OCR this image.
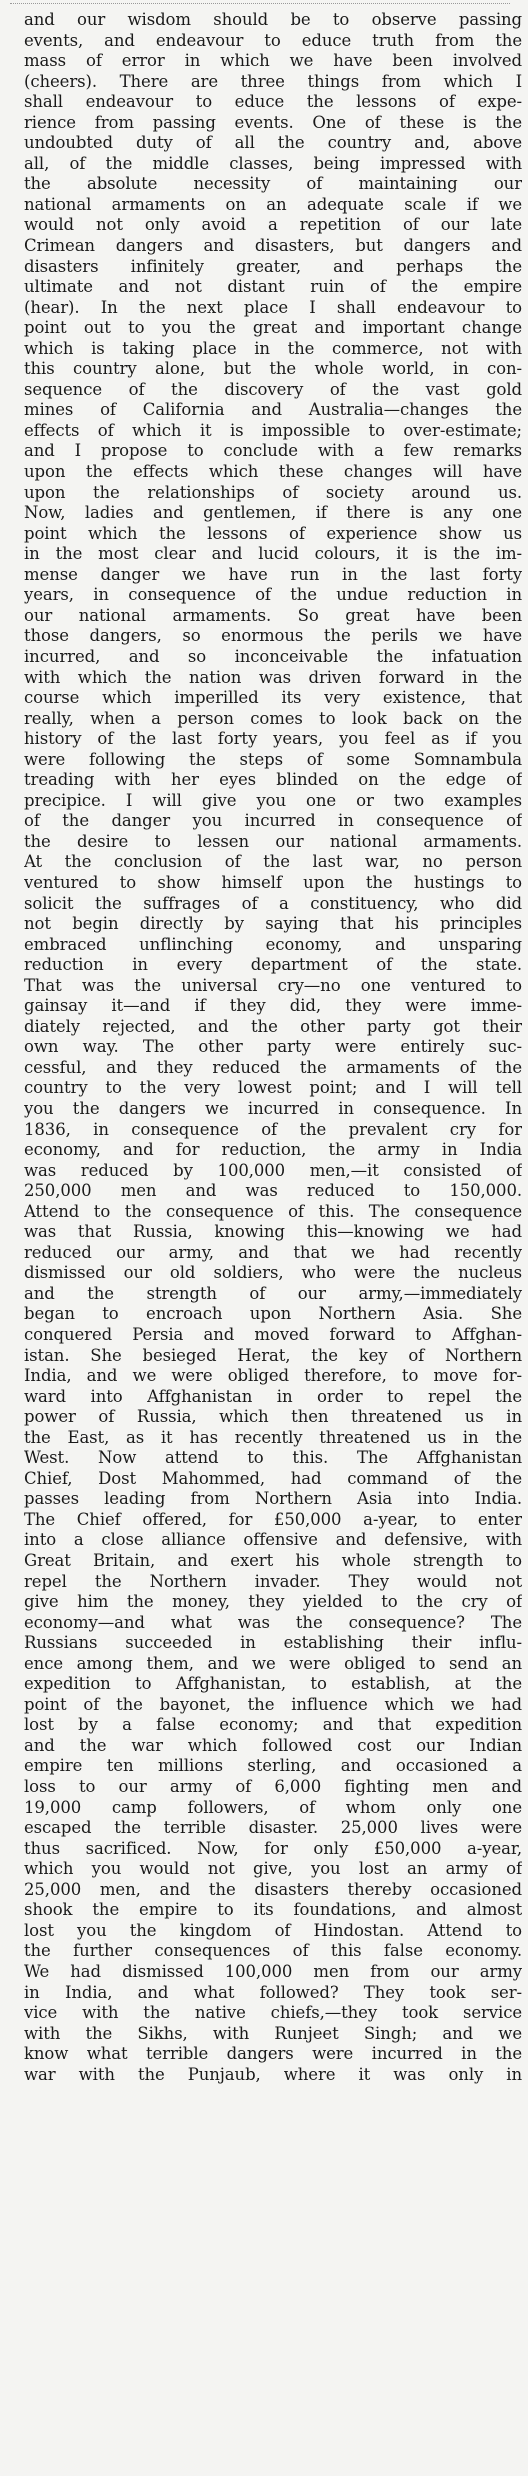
and our wisdom should be to observe passing
events, and endeavour to educe truth from the
mass of error in which we have been involved
(cheers). There are three things from which I
shall endeavour to educe the lessons of expe-
rience from passing events. One of these is the
undoubted duty of all the country and, above
all, of the middle classes, being impressed with
the absolute necessity of maintaining our
national armaments on an adequate scale if we
would not only avoid a repetition of our late
Crimean dangers and disasters, but dangers and
disasters infinitely greater, and perhaps the
ultimate and not distant ruin of the empire
(hear). In the next place I shall endeavour to
point out to you the great and important change
which is taking place in the commerce, not with
this country alone, but the whole world, in con-
sequence of the discovery of the vast gold
mines of California and Australia—changes the
effects of which it is impossible to over-estimate;
and I propose to conclude with a few remarks
upon the effects which these changes will have
upon the relationships of society around us.
Now, ladies and gentlemen, if there is any one
point which the lessons of experience show us
in the most clear and lucid colours, it is the im-
mense danger we have run in the last forty
years, in consequence of the undue reduction in
our national armaments. So great have been
those dangers, so enormous the perils we have
incurred, and so inconceivable the infatuation
with which the nation was driven forward in the
course which imperilled its very existence, that
really, when a person comes to look back on the
history of the last forty years, you feel as if you
were following the steps of some Somnambula
treading with her eyes blinded on the edge of
precipice. I will give you one or two examples
of the danger you incurred in consequence of
the desire to lessen our national armaments.
At the conclusion of the last war, no person
ventured to show himself upon the hustings to
solicit the suffrages of a constituency, who did
not begin directly by saying that his principles
embraced unflinching economy, and unsparing
reduction in every department of the state.
That was the universal cry—no one ventured to
gainsay it—and if they did, they were imme-
diately rejected, and the other party got their
own way. The other party were entirely suc-
cessful, and they reduced the armaments of the
country to the very lowest point; and I will tell
you the dangers we incurred in consequence. In
1836, in consequence of the prevalent cry for
economy, and for reduction, the army in India
was reduced by 100,000 men,—it consisted of
250,000 men and was reduced to 150,000.
Attend to the consequence of this. The consequence
was that Russia, knowing this—knowing we had
reduced our army, and that we had recently
dismissed our old soldiers, who were the nucleus
and the strength of our army,—immediately
began to encroach upon Northern Asia. She
conquered Persia and moved forward to Affghan-
istan. She besieged Herat, the key of Northern
India, and we were obliged therefore, to move for-
ward into Affghanistan in order to repel the
power of Russia, which then threatened us in
the East, as it has recently threatened us in the
West. Now attend to this. The Affghanistan
Chief, Dost Mahommed, had command of the
passes leading from Northern Asia into India.
The Chief offered, for £50,000 a-year, to enter
into a close alliance offensive and defensive, with
Great Britain, and exert his whole strength to
repel the Northern invader. They would not
give him the money, they yielded to the cry of
economy—and what was the consequence? The
Russians succeeded in establishing their influ-
ence among them, and we were obliged to send an
expedition to Affghanistan, to establish, at the
point of the bayonet, the influence which we had
lost by a false economy; and that expedition
and the war which followed cost our Indian
empire ten millions sterling, and occasioned a
loss to our army of 6,000 fighting men and
19,000 camp followers, of whom only one
escaped the terrible disaster. 25,000 lives were
thus sacrificed. Now, for only £50,000 a-year,
which you would not give, you lost an army of
25,000 men, and the disasters thereby occasioned
shook the empire to its foundations, and almost
lost you the kingdom of Hindostan. Attend to
the further consequences of this false economy.
We had dismissed 100,000 men from our army
in India, and what followed? They took ser-
vice with the native chiefs,—they took service
with the Sikhs, with Runjeet Singh; and we
know what terrible dangers were incurred in the
war with the Punjaub, where it was only in
